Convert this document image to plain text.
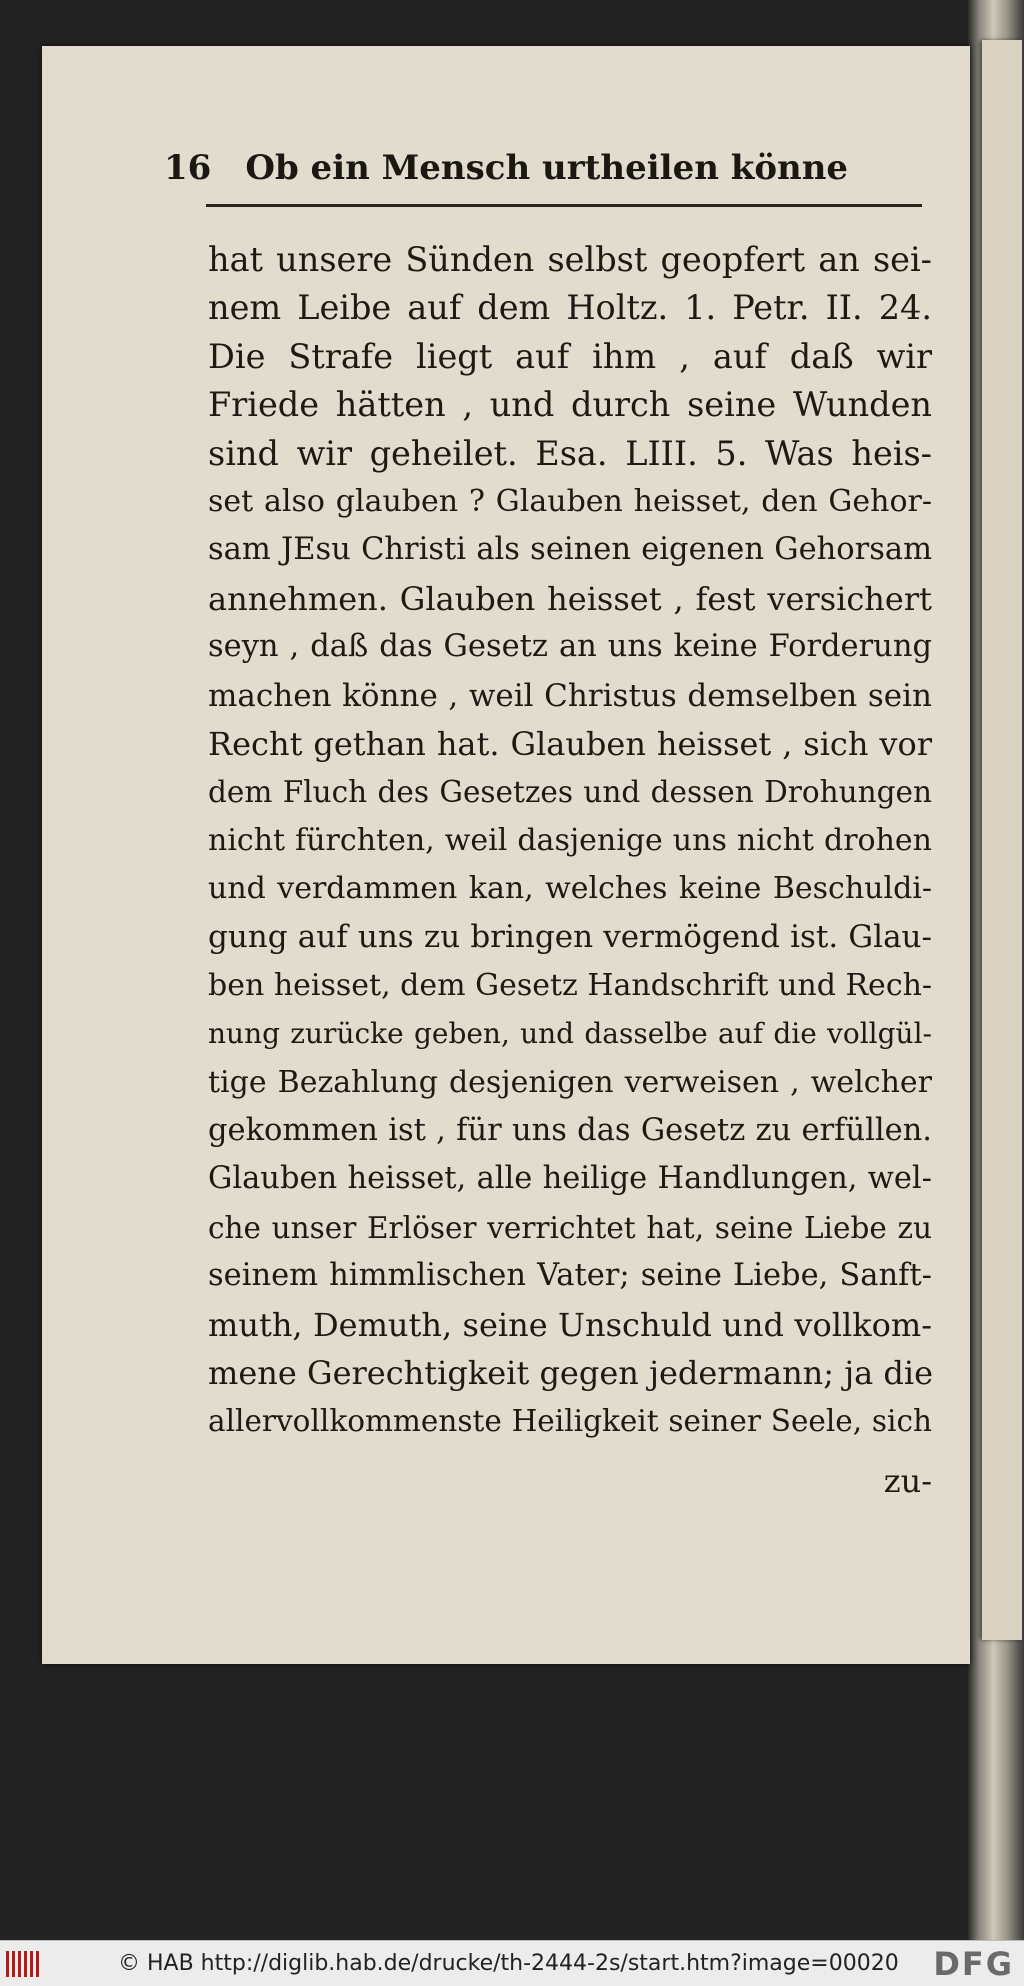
16 Ob ein Mensch urtheilen könne
hat unsere Sünden selbst geopfert an sei-
nem Leibe auf dem Holtz. 1. Petr. II. 24.
Die Strafe liegt auf ihm , auf daß wir
Friede hätten , und durch seine Wunden
sind wir geheilet. Esa. LIII. 5. Was heis-
set also glauben ? Glauben heisset, den Gehor-
sam JEsu Christi als seinen eigenen Gehorsam
annehmen. Glauben heisset , fest versichert
seyn , daß das Gesetz an uns keine Forderung
machen könne , weil Christus demselben sein
Recht gethan hat. Glauben heisset , sich vor
dem Fluch des Gesetzes und dessen Drohungen
nicht fürchten, weil dasjenige uns nicht drohen
und verdammen kan, welches keine Beschuldi-
gung auf uns zu bringen vermögend ist. Glau-
ben heisset, dem Gesetz Handschrift und Rech-
nung zurücke geben, und dasselbe auf die vollgül-
tige Bezahlung desjenigen verweisen , welcher
gekommen ist , für uns das Gesetz zu erfüllen.
Glauben heisset, alle heilige Handlungen, wel-
che unser Erlöser verrichtet hat, seine Liebe zu
seinem himmlischen Vater; seine Liebe, Sanft-
muth, Demuth, seine Unschuld und vollkom-
mene Gerechtigkeit gegen jedermann; ja die
allervollkommenste Heiligkeit seiner Seele, sich
zu-
© HAB http://diglib.hab.de/drucke/th-2444-2s/start.htm?image=00020 DFG
